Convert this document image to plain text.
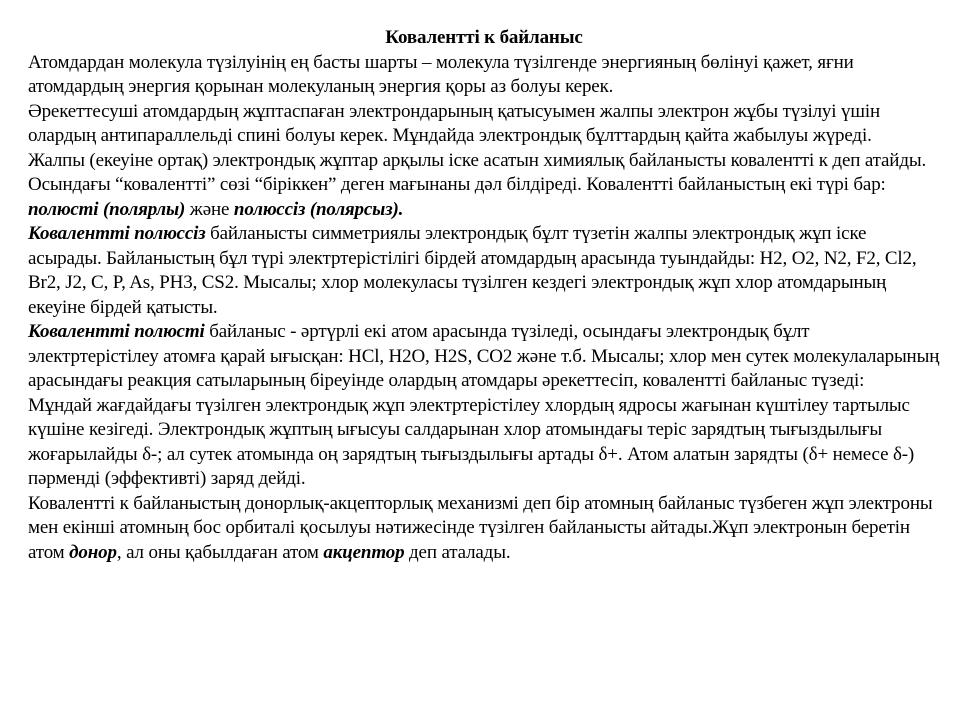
Ковалентті к байланыс

Атомдардан молекула түзілуінің ең басты шарты – молекула түзілгенде энергияның бөлінуі қажет, яғни атомдардың энергия қорынан молекуланың энергия қоры аз болуы керек.

Әрекеттесуші атомдардың жұптаспаған электрондарының қатысуымен жалпы электрон жұбы түзілуі үшін олардың антипараллельді спині болуы керек. Мұндайда электрондық бұлттардың қайта жабылуы жүреді.

Жалпы (екеуіне ортақ) электрондық жұптар арқылы іске асатын химиялық байланысты ковалентті к деп атайды.

Осындағы “ковалентті” сөзі “біріккен” деген мағынаны дәл білдіреді. Ковалентті байланыстың екі түрі бар: полюсті (полярлы) және полюссіз (полярсыз).

Ковалентті полюссіз байланысты симметриялы электрондық бұлт түзетін жалпы электрондық жұп іске асырады. Байланыстың бұл түрі электртерістілігі бірдей атомдардың арасында туындайды: H2, O2, N2, F2, Cl2, Br2, J2, C, P, As, PH3, CS2. Мысалы; хлор молекуласы түзілген кездегі электрондық жұп хлор атомдарының екеуіне бірдей қатысты.

Ковалентті полюсті байланыс - әртүрлі екі атом арасында түзіледі, осындағы электрондық бұлт электртерістілеу атомға қарай ығысқан: HCl, H2O, H2S, CO2 және т.б. Мысалы; хлор мен сутек молекулаларының арасындағы реакция сатыларының біреуінде олардың атомдары әрекеттесіп, ковалентті байланыс түзеді:

Мұндай жағдайдағы түзілген электрондық жұп электртерістілеу хлордың ядросы жағынан күштілеу тартылыс күшіне кезігеді. Электрондық жұптың ығысуы салдарынан хлор атомындағы теріс зарядтың тығыздылығы жоғарылайды δ-; ал сутек атомында оң зарядтың тығыздылығы артады δ+. Атом алатын зарядты (δ+ немесе δ-) пәрменді (эффективті) заряд дейді.

Ковалентті к байланыстың донорлық-акцепторлық механизмі деп бір атомның байланыс түзбеген жұп электроны мен екінші атомның бос орбиталі қосылуы нәтижесінде түзілген байланысты айтады.Жұп электронын беретін атом донор, ал оны қабылдаған атом акцептор деп аталады.
